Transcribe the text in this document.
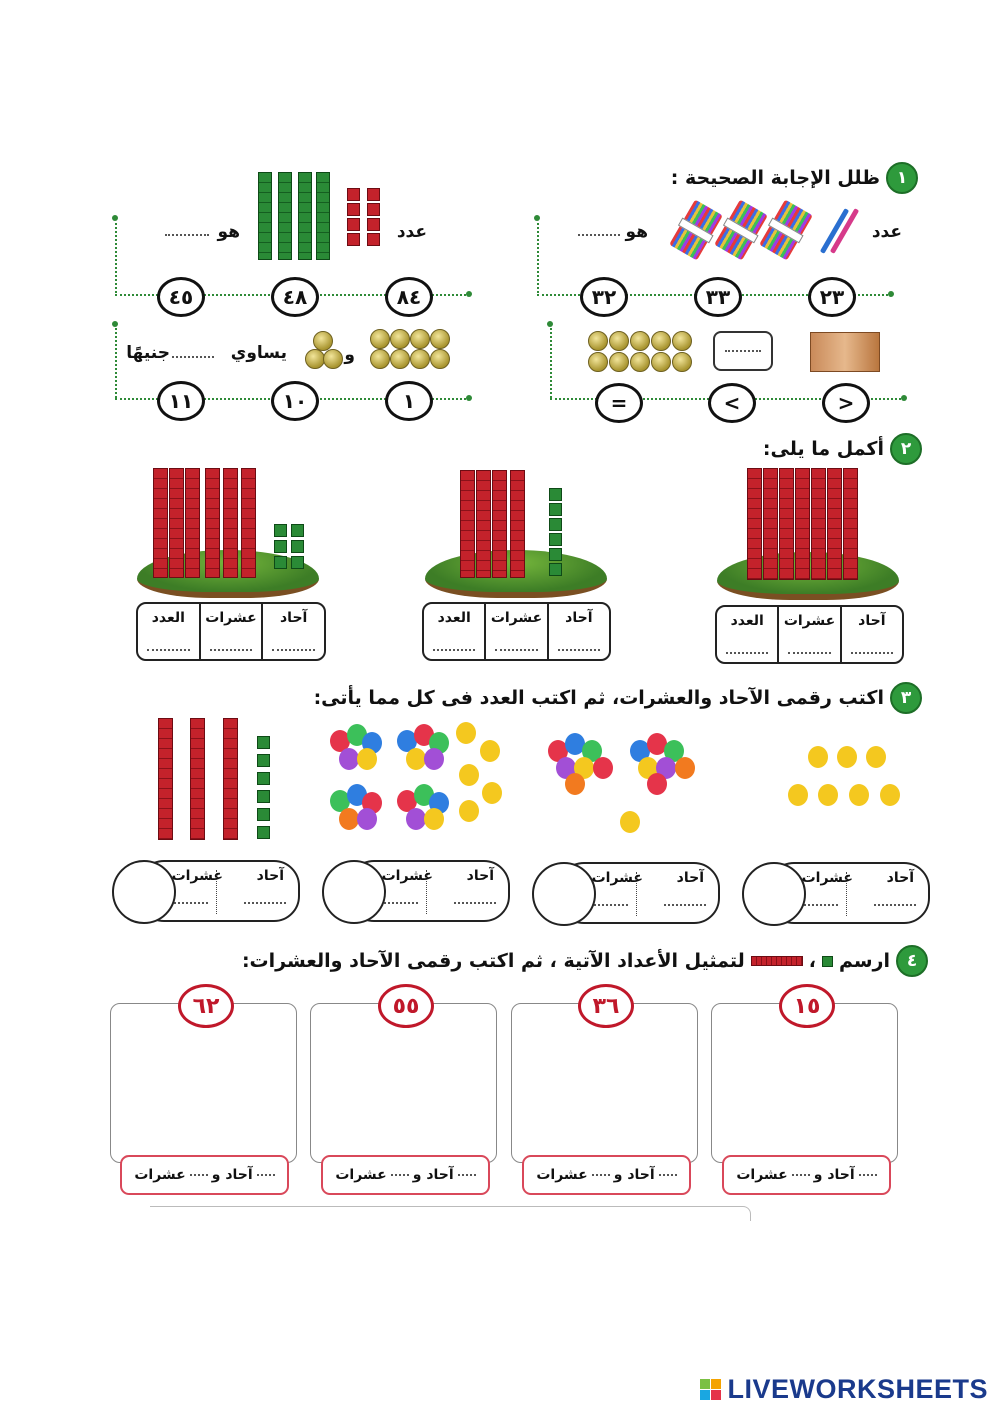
١
ظلل الإجابة الصحيحة :
عدد
هو
٢٣
٣٣
٣٢
عدد
هو
٨٤
٤٨
٤٥
>
<
=
و
يساوي
جنيهًا
١
١٠
١١
٢
أكمل ما يلى:
آحاد
عشرات
العدد
آحاد
عشرات
العدد
آحاد
عشرات
العدد
٣
اكتب رقمى الآحاد والعشرات، ثم اكتب العدد فى كل مما يأتى:
آحاد
عشرات
آحاد
عشرات
آحاد
عشرات
آحاد
عشرات
٤
ارسم
،
لتمثيل الأعداد الآتية ، ثم اكتب رقمى الآحاد والعشرات:
١٥
آحاد و
عشرات
٣٦
آحاد و
عشرات
٥٥
آحاد و
عشرات
٦٢
آحاد و
عشرات
LIVEWORKSHEETS
